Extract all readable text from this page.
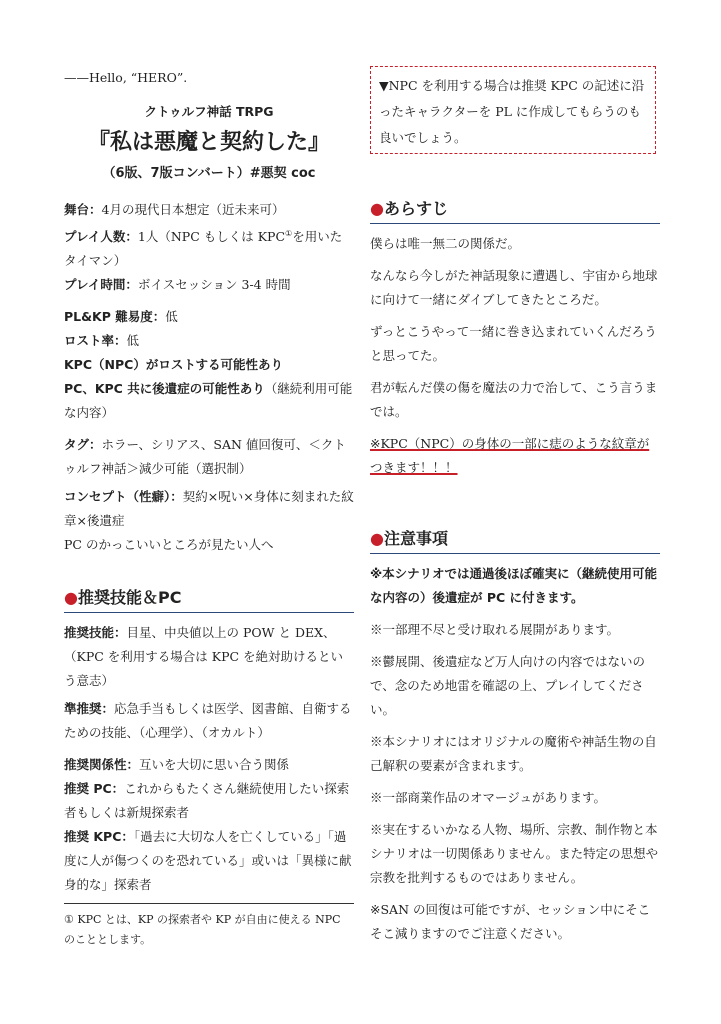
——Hello, “HERO”.

クトゥルフ神話 TRPG

『私は悪魔と契約した』

（6版、7版コンバート）#悪契 coc

舞台：4月の現代日本想定（近未来可）

プレイ人数：1人（NPC もしくは KPC①を用いたタイマン）

プレイ時間：ボイスセッション 3-4 時間

PL&KP 難易度：低

ロスト率：低

KPC（NPC）がロストする可能性あり

PC、KPC 共に後遺症の可能性あり（継続利用可能な内容）

タグ：ホラー、シリアス、SAN 値回復可、＜クトゥルフ神話＞減少可能（選択制）

コンセプト（性癖）：契約×呪い×身体に刻まれた紋章×後遺症

PC のかっこいいところが見たい人へ

●推奨技能＆PC

推奨技能：目星、中央値以上の POW と DEX、（KPC を利用する場合は KPC を絶対助けるという意志）

準推奨：応急手当もしくは医学、図書館、自衛するための技能、（心理学）、（オカルト）

推奨関係性：互いを大切に思い合う関係

推奨 PC：これからもたくさん継続使用したい探索者もしくは新規探索者

推奨 KPC：「過去に大切な人を亡くしている」「過度に人が傷つくのを恐れている」或いは「異様に献身的な」探索者

① KPC とは、KP の探索者や KP が自由に使える NPC のこととします。
▼NPC を利用する場合は推奨 KPC の記述に沿ったキャラクターを PL に作成してもらうのも良いでしょう。
●あらすじ

僕らは唯一無二の関係だ。

なんなら今しがた神話現象に遭遇し、宇宙から地球に向けて一緒にダイブしてきたところだ。

ずっとこうやって一緒に巻き込まれていくんだろうと思ってた。

君が転んだ僕の傷を魔法の力で治して、こう言うまでは。

※KPC（NPC）の身体の一部に痣のような紋章がつきます！！！

●注意事項

※本シナリオでは通過後ほぼ確実に（継続使用可能な内容の）後遺症が PC に付きます。

※一部理不尽と受け取れる展開があります。

※鬱展開、後遺症など万人向けの内容ではないので、念のため地雷を確認の上、プレイしてください。

※本シナリオにはオリジナルの魔術や神話生物の自己解釈の要素が含まれます。

※一部商業作品のオマージュがあります。

※実在するいかなる人物、場所、宗教、制作物と本シナリオは一切関係ありません。また特定の思想や宗教を批判するものではありません。

※SAN の回復は可能ですが、セッション中にそこそこ減りますのでご注意ください。
